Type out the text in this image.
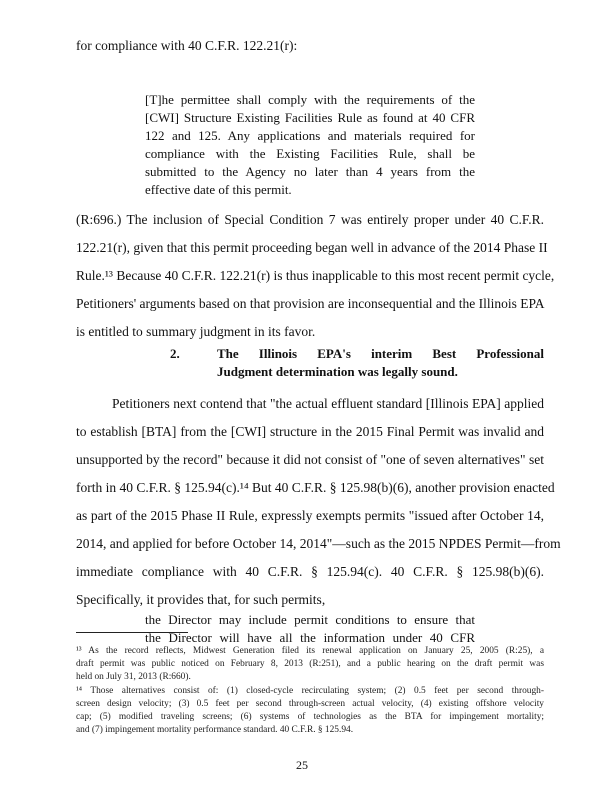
for compliance with 40 C.F.R. 122.21(r):
[T]he permittee shall comply with the requirements of the
[CWI] Structure Existing Facilities Rule as found at 40 CFR
122 and 125. Any applications and materials required for
compliance with the Existing Facilities Rule, shall be
submitted to the Agency no later than 4 years from the
effective date of this permit.
(R:696.) The inclusion of Special Condition 7 was entirely proper under 40 C.F.R.
122.21(r), given that this permit proceeding began well in advance of the 2014 Phase II
Rule.¹³ Because 40 C.F.R. 122.21(r) is thus inapplicable to this most recent permit cycle,
Petitioners' arguments based on that provision are inconsequential and the Illinois EPA
is entitled to summary judgment in its favor.
2.	The Illinois EPA's interim Best Professional
Judgment determination was legally sound.
Petitioners next contend that "the actual effluent standard [Illinois EPA] applied
to establish [BTA] from the [CWI] structure in the 2015 Final Permit was invalid and
unsupported by the record" because it did not consist of "one of seven alternatives" set
forth in 40 C.F.R. § 125.94(c).¹⁴ But 40 C.F.R. § 125.98(b)(6), another provision enacted
as part of the 2015 Phase II Rule, expressly exempts permits "issued after October 14,
2014, and applied for before October 14, 2014"—such as the 2015 NPDES Permit—from
immediate compliance with 40 C.F.R. § 125.94(c). 40 C.F.R. § 125.98(b)(6).
Specifically, it provides that, for such permits,
the Director may include permit conditions to ensure that
the Director will have all the information under 40 CFR
¹³ As the record reflects, Midwest Generation filed its renewal application on January 25, 2005 (R:25), a
draft permit was public noticed on February 8, 2013 (R:251), and a public hearing on the draft permit was
held on July 31, 2013 (R:660).
¹⁴ Those alternatives consist of: (1) closed-cycle recirculating system; (2) 0.5 feet per second through-
screen design velocity; (3) 0.5 feet per second through-screen actual velocity, (4) existing offshore velocity
cap; (5) modified traveling screens; (6) systems of technologies as the BTA for impingement mortality;
and (7) impingement mortality performance standard. 40 C.F.R. § 125.94.
25
